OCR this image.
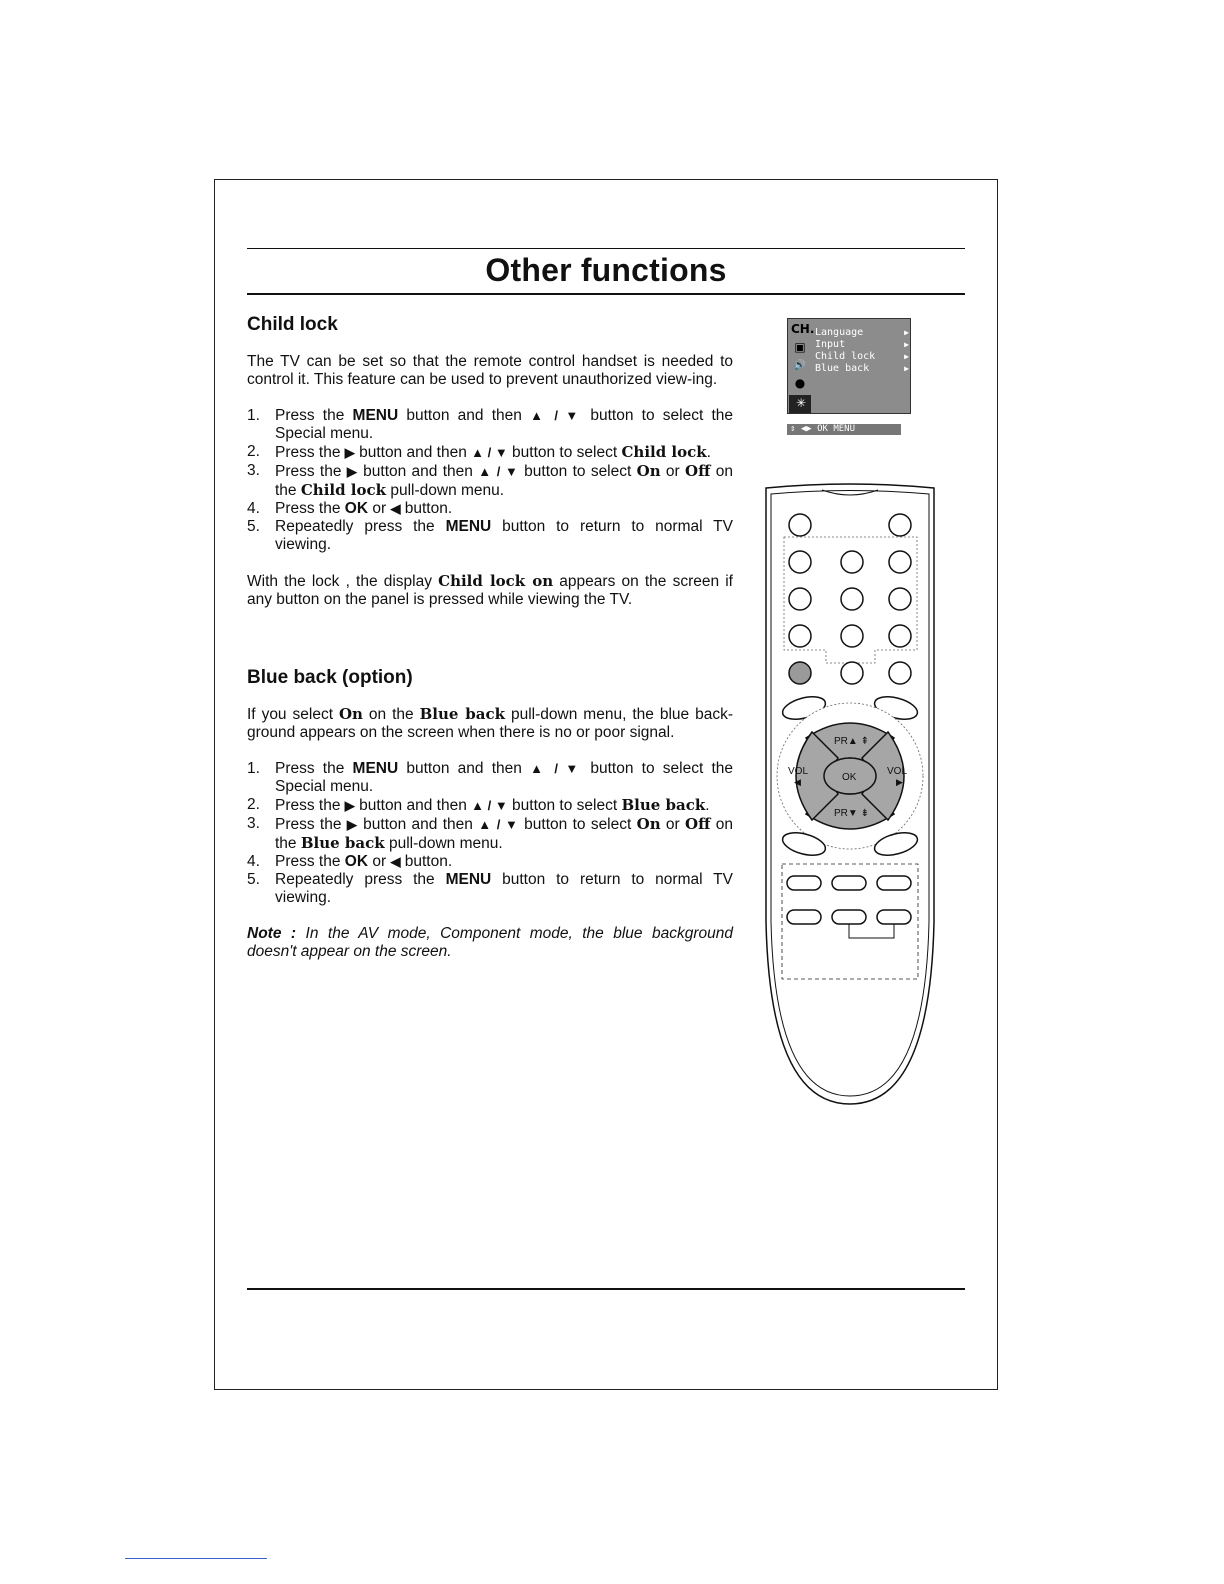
Other functions
Child lock

The TV can be set so that the remote control handset is needed to control it. This feature can be used to prevent unauthorized view-ing.

1. Press the MENU button and then ▲ / ▼ button to select the Special menu.
2. Press the ▶ button and then ▲ / ▼ button to select Child lock.
3. Press the ▶ button and then ▲ / ▼ button to select On or Off on the Child lock pull-down menu.
4. Press the OK or ◀ button.
5. Repeatedly press the MENU button to return to normal TV viewing.

With the lock , the display Child lock on appears on the screen if any button on the panel is pressed while viewing the TV.

Blue back (option)

If you select On on the Blue back pull-down menu, the blue back-ground appears on the screen when there is no or poor signal.

1. Press the MENU button and then ▲ / ▼ button to select the Special menu.
2. Press the ▶ button and then ▲ / ▼ button to select Blue back.
3. Press the ▶ button and then ▲ / ▼ button to select On or Off on the Blue back pull-down menu.
4. Press the OK or ◀ button.
5. Repeatedly press the MENU button to return to normal TV viewing.

Note : In the AV mode, Component mode, the blue background doesn't appear on the screen.

CH.
▣
🔊
●
✳
Language	▶
Input	▶
Child lock	▶
Blue back	▶
⇕ ◀▶ OK MENU
PR▲ ⇞
PR▼ ⇟
VOL
◀
VOL
▶
OK
